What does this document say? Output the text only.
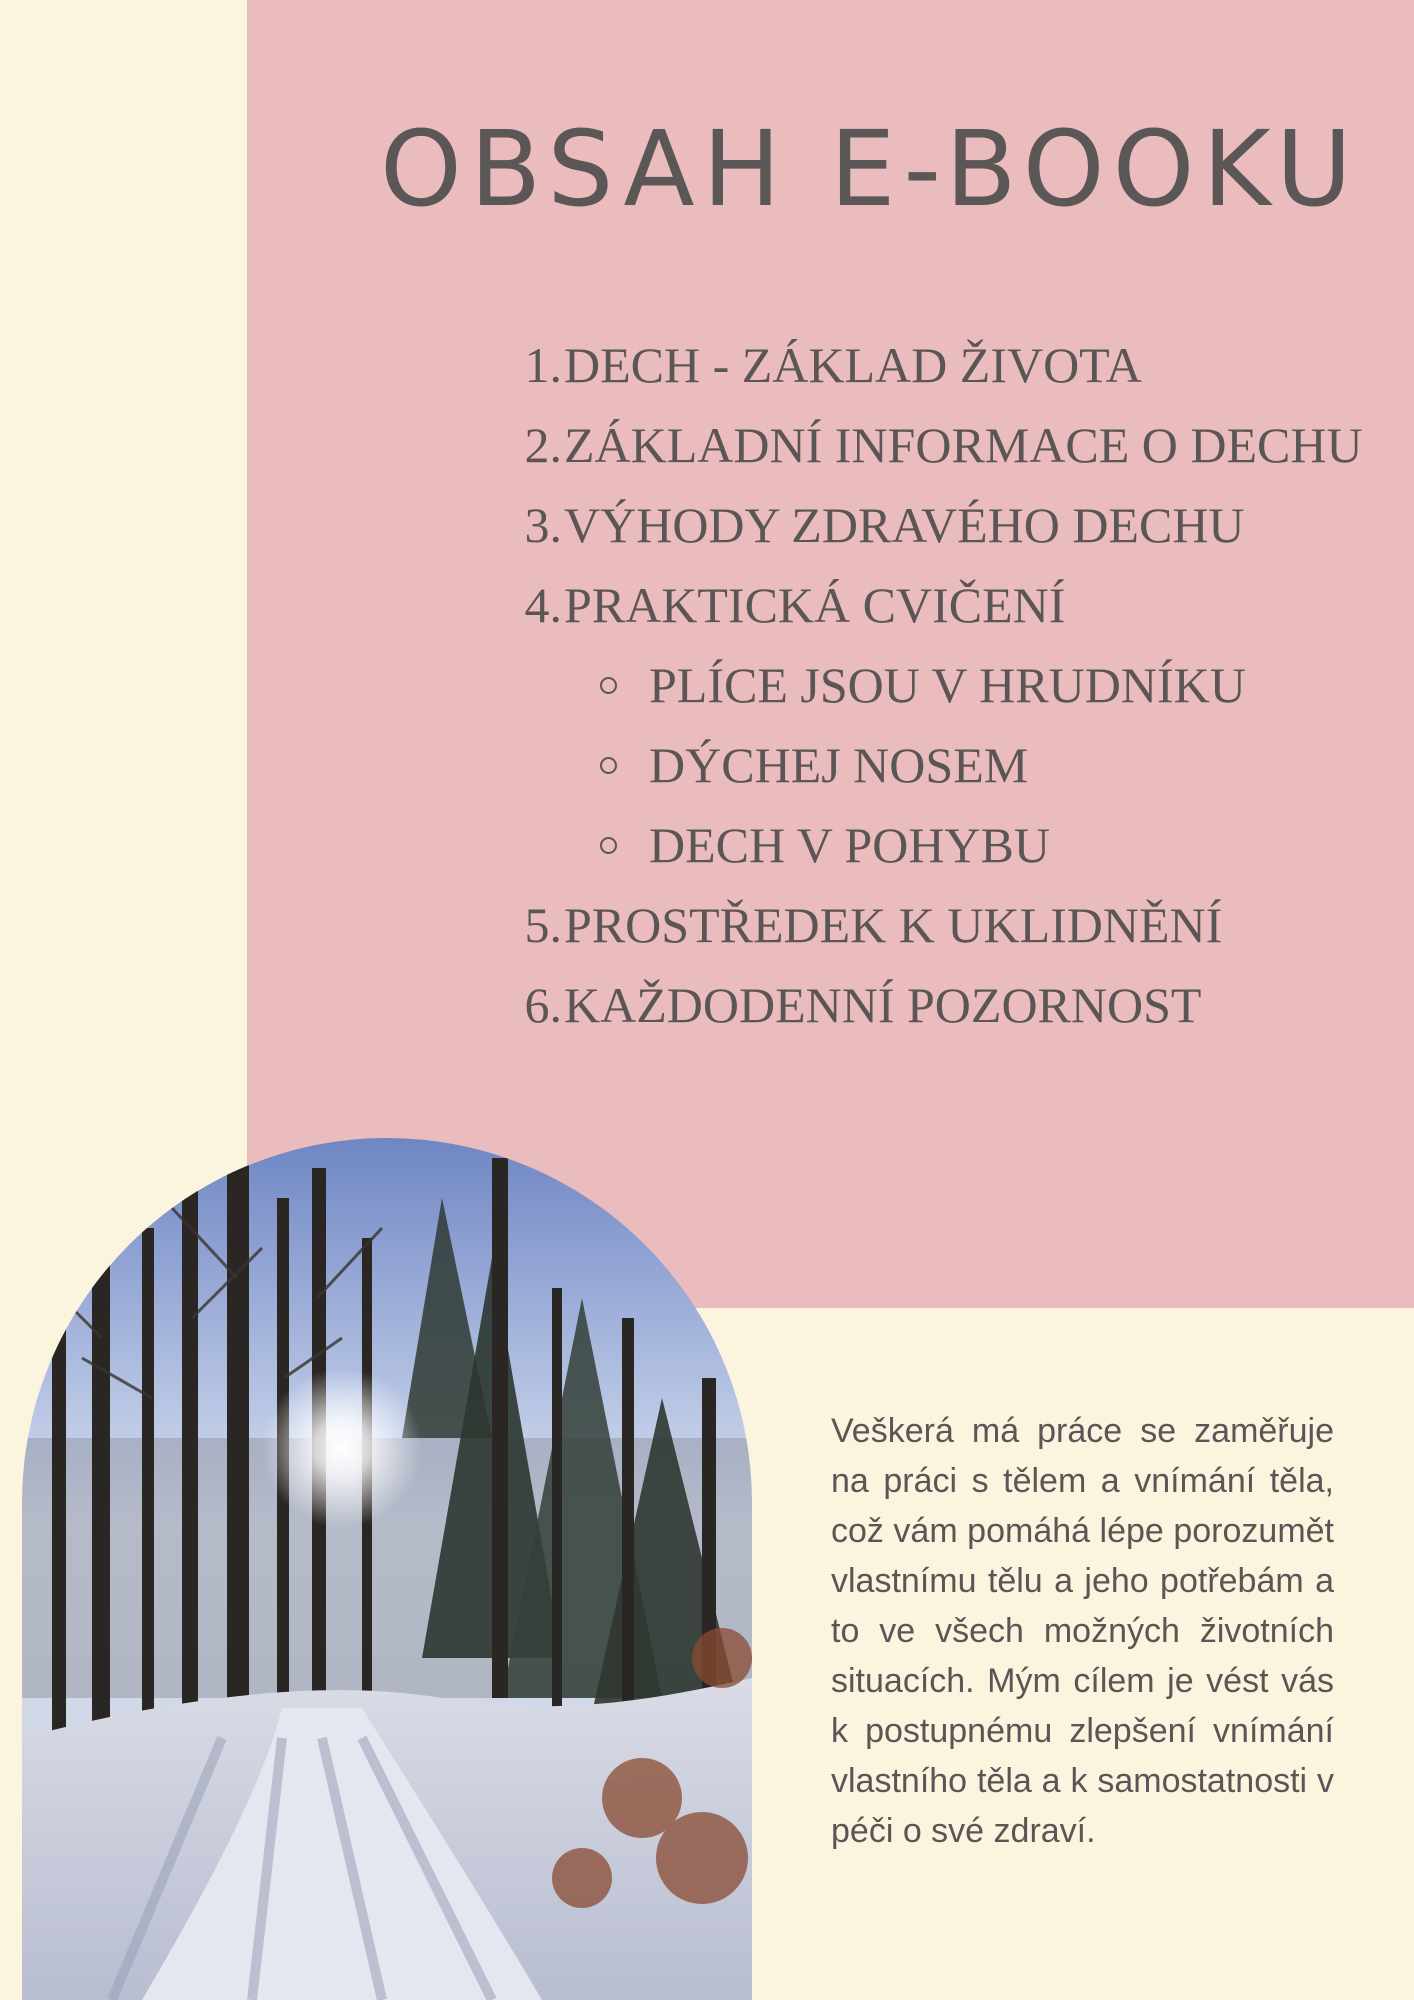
OBSAH E-BOOKU
1. DECH - ZÁKLAD ŽIVOTA
2. ZÁKLADNÍ INFORMACE O DECHU
3. VÝHODY ZDRAVÉHO DECHU
4. PRAKTICKÁ CVIČENÍ
PLÍCE JSOU V HRUDNÍKU
DÝCHEJ NOSEM
DECH V POHYBU
5. PROSTŘEDEK K UKLIDNĚNÍ
6. KAŽDODENNÍ POZORNOST

Veškerá má práce se zaměřuje na práci s tělem a vnímání těla, což vám pomáhá lépe porozumět vlastnímu tělu a jeho potřebám a to ve všech možných životních situacích. Mým cílem je vést vás k postupnému zlepšení vnímání vlastního těla a k samostatnosti v péči o své zdraví.
